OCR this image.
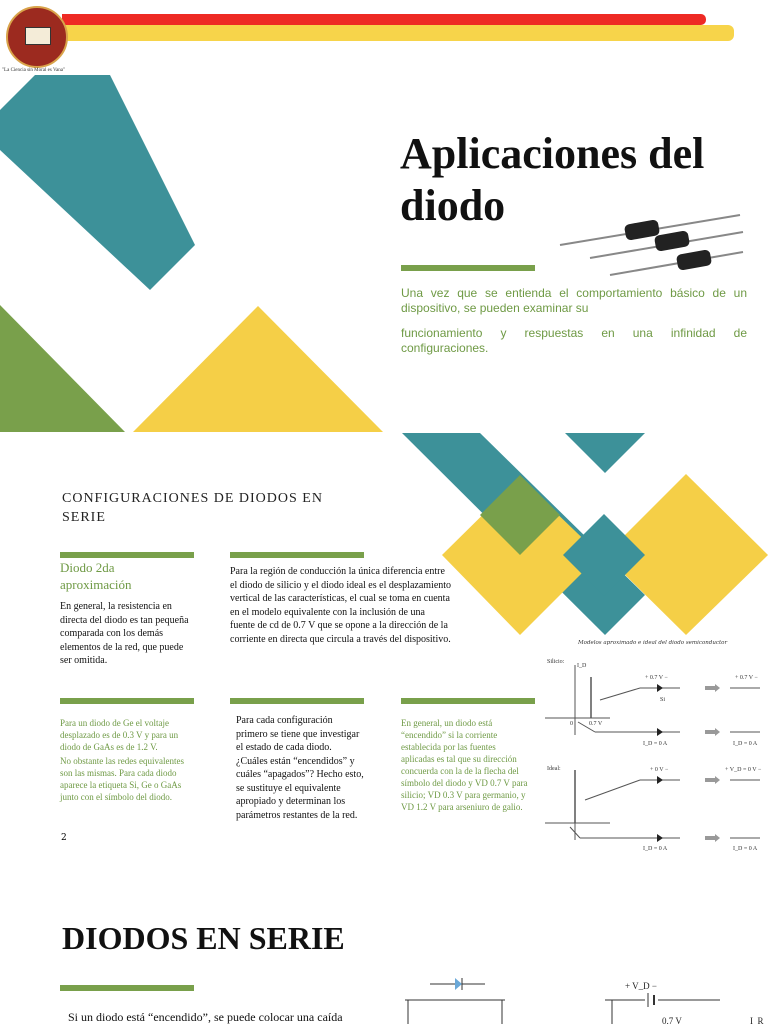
"La Ciencia sin Moral es Vana"
Aplicaciones del
diodo
Una vez que se entienda el comportamiento básico de un dispositivo, se pueden examinar su
funcionamiento y respuestas en una infinidad de configuraciones.
CONFIGURACIONES DE DIODOS EN SERIE
Diodo 2da aproximación
En general, la resistencia en directa del diodo es tan pequeña comparada con los demás elementos de la red, que puede ser omitida.
Para la región de conducción la única diferencia entre el diodo de silicio y el diodo ideal es el desplazamiento vertical de las características, el cual se toma en cuenta en el modelo equivalente con la inclusión de una fuente de cd de 0.7 V que se opone a la dirección de la corriente en directa que circula a través del dispositivo.	Modelos aproximado e ideal del diodo semiconductor
Silicio:
I_D
0	0.7 V
+ 0.7 V −
Si
+ 0.7 V −
I_D = 0 A	I_D = 0 A
Ideal:	+ 0 V −	+ V_D = 0 V −
I_D = 0 A	I_D = 0 A
Para un diodo de Ge el voltaje desplazado es de 0.3 V y para un diodo de GaAs es de 1.2 V.
No obstante las redes equivalentes son las mismas. Para cada diodo aparece la etiqueta Si, Ge o GaAs junto con el símbolo del diodo.
2
Para cada configuración primero se tiene que investigar el estado de cada diodo. ¿Cuáles están “encendidos” y cuáles “apagados”? Hecho esto, se sustituye el equivalente apropiado y determinan los parámetros restantes de la red.
En general, un diodo está “encendido” si la corriente establecida por las fuentes aplicadas es tal que su dirección concuerda con la de la flecha del símbolo del diodo y VD 0.7 V para silicio; VD 0.3 V para germanio, y VD 1.2 V para arseniuro de galio.
DIODOS EN SERIE
Si un diodo está “encendido”, se puede colocar una caída
+ V_D −
I_R
0.7 V
